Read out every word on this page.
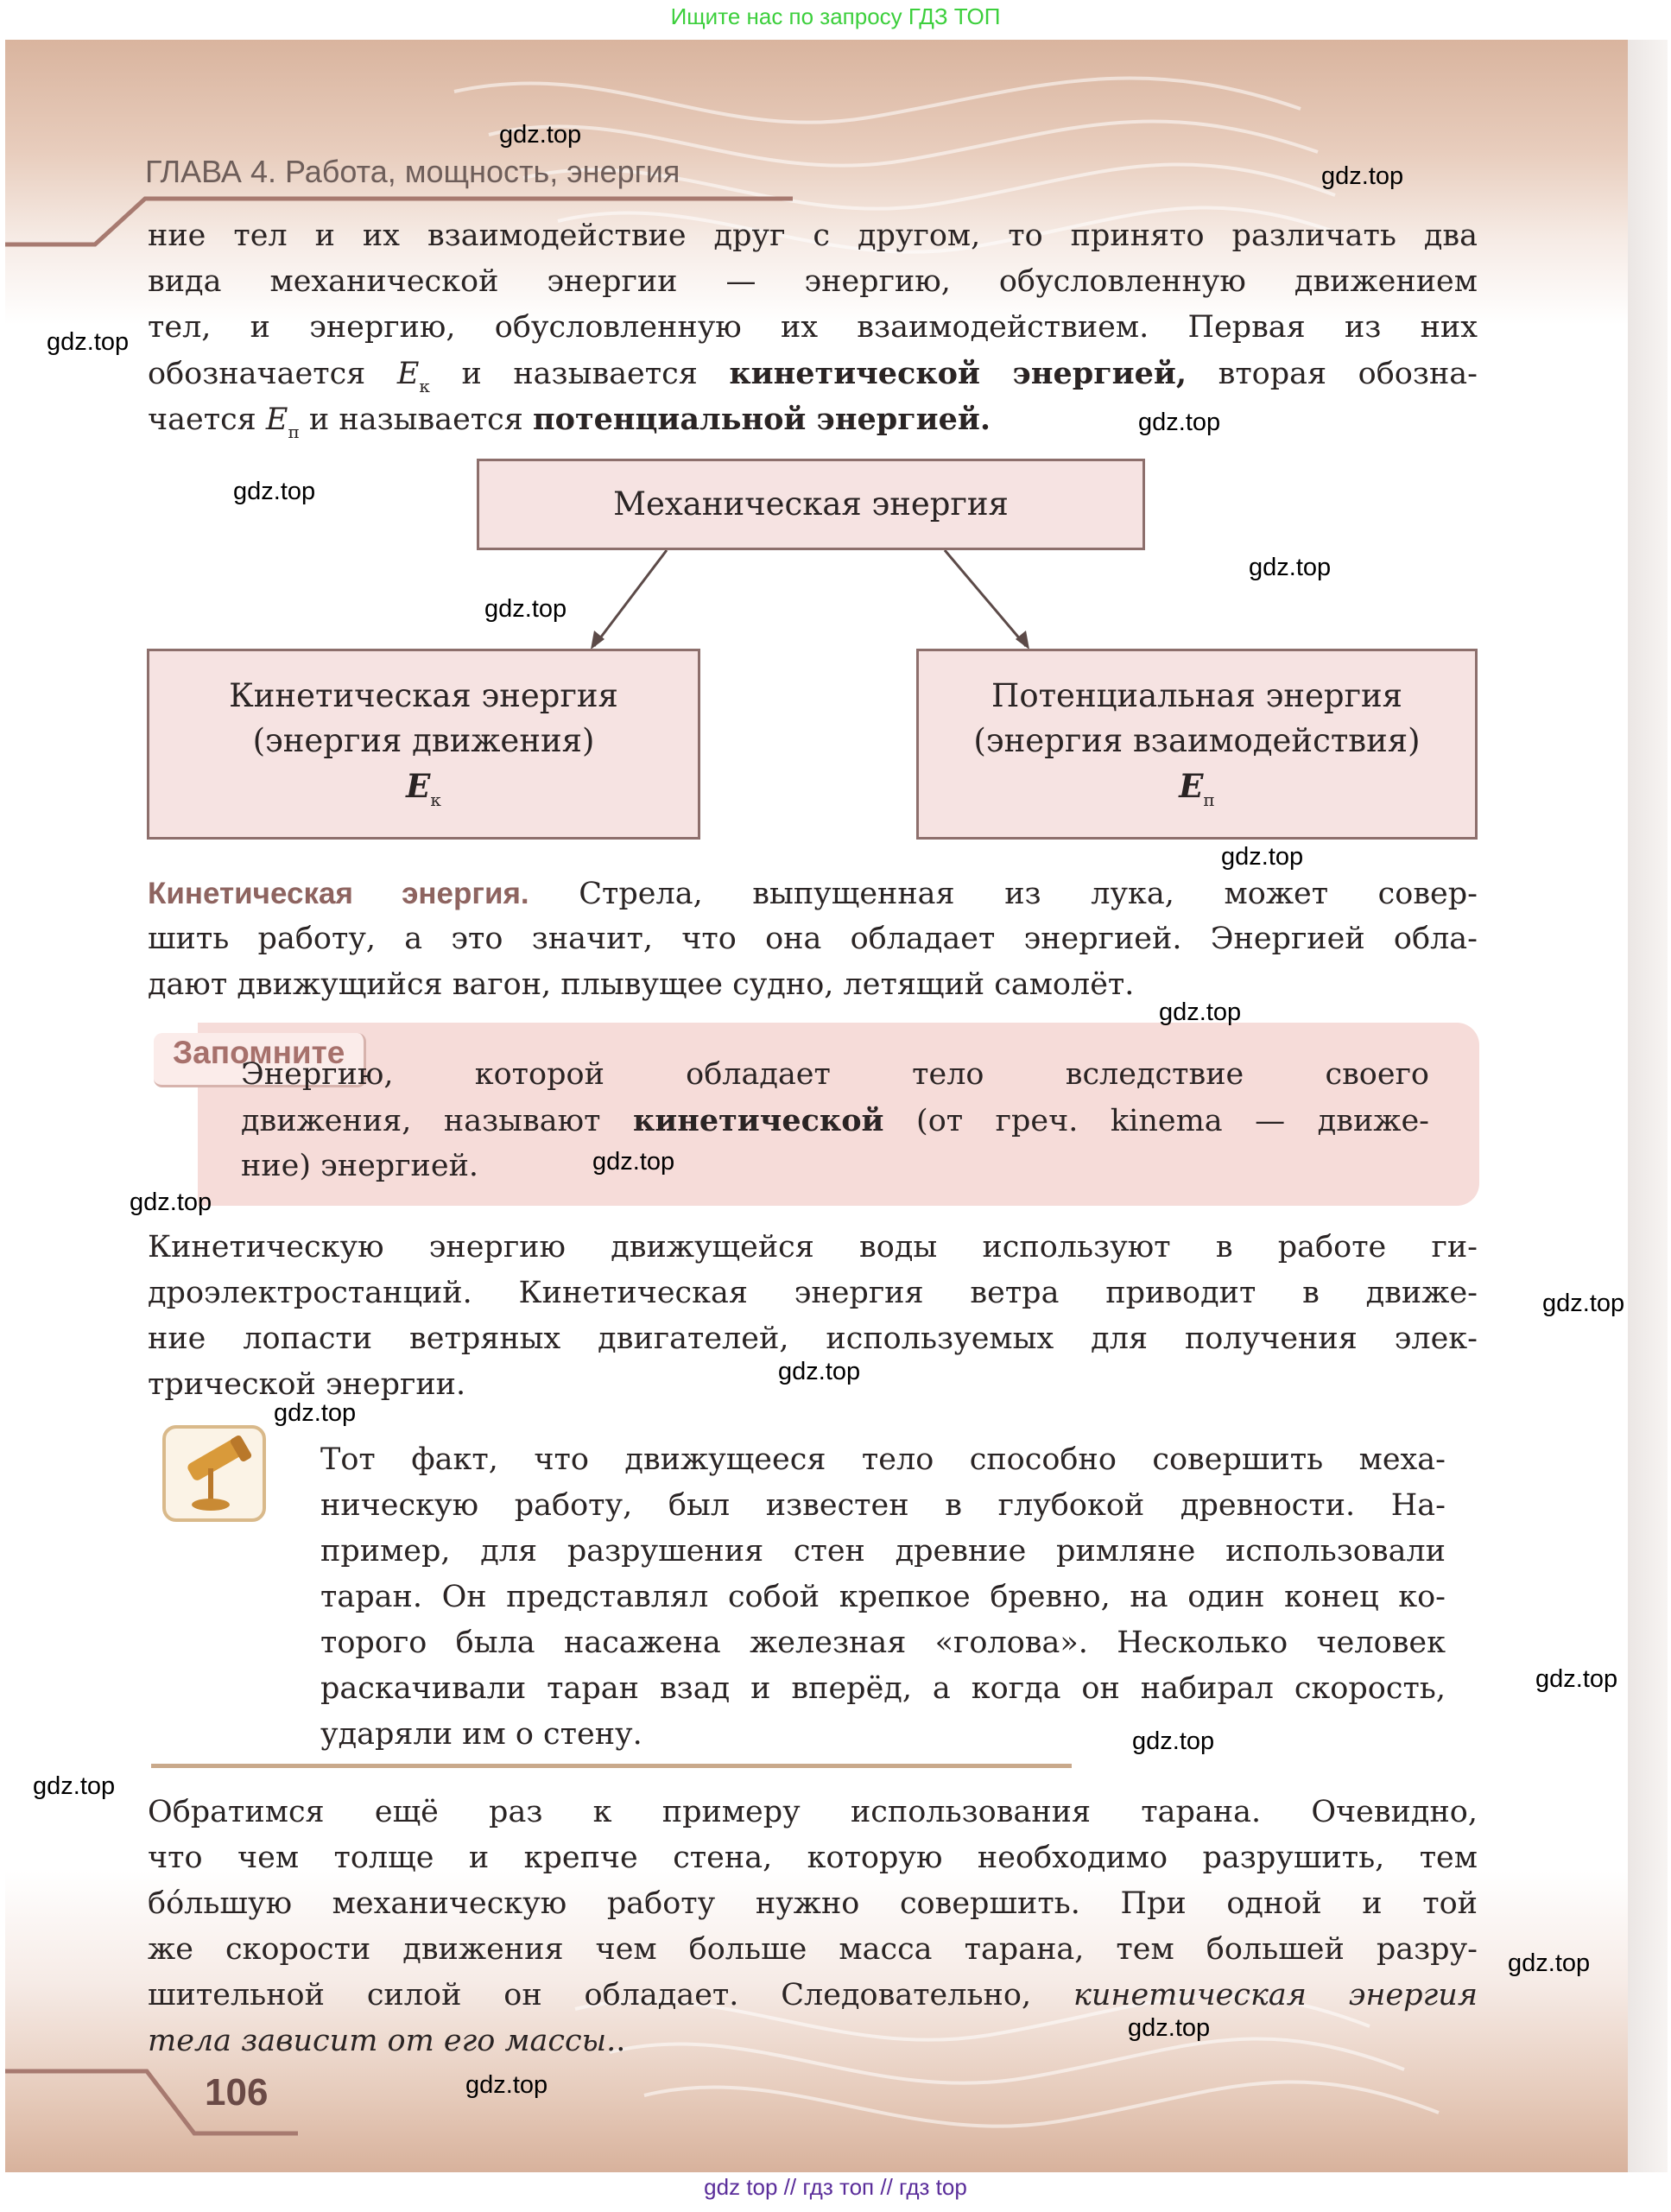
Ищите нас по запросу ГДЗ ТОП
ГЛАВА 4. Работа, мощность, энергия
ние тел и их взаимодействие друг с другом, то принято различать два
вида механической энергии — энергию, обусловленную движением
тел, и энергию, обусловленную их взаимодействием. Первая из них
обозначается $E_к$ и называется кинетической энергией, вторая обозна-
чается $E_п$ и называется потенциальной энергией.
Механическая энергия
Кинетическая энергия
(энергия движения)
$E_к$
Потенциальная энергия
(энергия взаимодействия)
$E_п$
Кинетическая энергия. Стрела, выпущенная из лука, может совер-
шить работу, а это значит, что она обладает энергией. Энергией обла-
дают движущийся вагон, плывущее судно, летящий самолёт.
Запомните
Энергию, которой обладает тело вследствие своего
движения, называют кинетической (от греч. kinema — движе-
ние) энергией.
Кинетическую энергию движущейся воды используют в работе ги-
дроэлектростанций. Кинетическая энергия ветра приводит в движе-
ние лопасти ветряных двигателей, используемых для получения элек-
трической энергии.
Тот факт, что движущееся тело способно совершить меха-
ническую работу, был известен в глубокой древности. На-
пример, для разрушения стен древние римляне использовали
таран. Он представлял собой крепкое бревно, на один конец ко-
торого была насажена железная «голова». Несколько человек
раскачивали таран взад и вперёд, а когда он набирал скорость,
ударяли им о стену.
Обратимся ещё раз к примеру использования тарана. Очевидно,
что чем толще и крепче стена, которую необходимо разрушить, тем
бóльшую механическую работу нужно совершить. При одной и той
же скорости движения чем больше масса тарана, тем большей разру-
шительной силой он обладает. Следовательно, кинетическая энергия
тела зависит от его массы..
106
gdz.top
gdz.top
gdz.top
gdz.top
gdz.top
gdz.top
gdz.top
gdz.top
gdz.top
gdz.top
gdz.top
gdz.top
gdz.top
gdz.top
gdz.top
gdz.top
gdz.top
gdz.top
gdz.top
gdz.top
gdz top // гдз топ // гдз top
